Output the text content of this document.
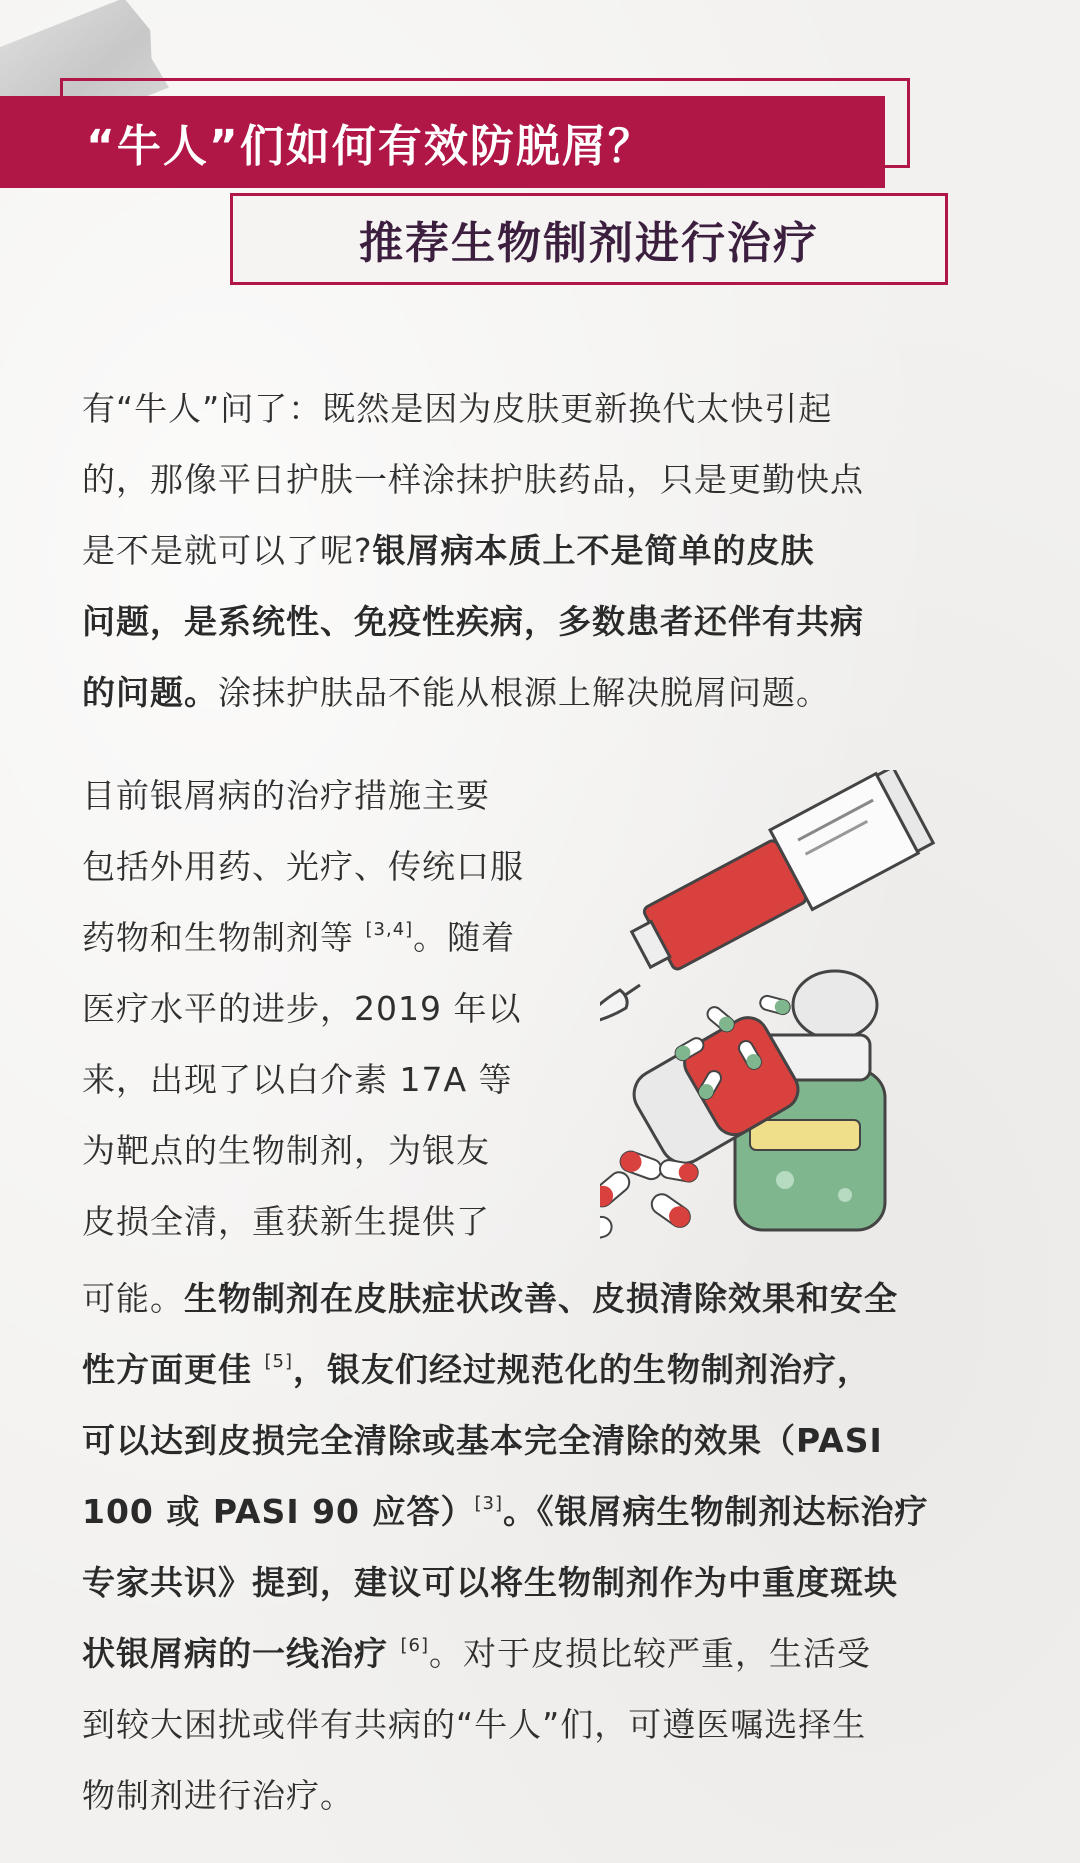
“牛人”们如何有效防脱屑？
推荐生物制剂进行治疗
有“牛人”问了：既然是因为皮肤更新换代太快引起
的，那像平日护肤一样涂抹护肤药品，只是更勤快点
是不是就可以了呢?银屑病本质上不是简单的皮肤
问题，是系统性、免疫性疾病，多数患者还伴有共病
的问题。涂抹护肤品不能从根源上解决脱屑问题。
目前银屑病的治疗措施主要
包括外用药、光疗、传统口服
药物和生物制剂等 [3,4]。随着
医疗水平的进步，2019 年以
来，出现了以白介素 17A 等
为靶点的生物制剂，为银友
皮损全清，重获新生提供了
可能。生物制剂在皮肤症状改善、皮损清除效果和安全
性方面更佳 [5]，银友们经过规范化的生物制剂治疗，
可以达到皮损完全清除或基本完全清除的效果（PASI
100 或 PASI 90 应答）[3]。《银屑病生物制剂达标治疗
专家共识》提到，建议可以将生物制剂作为中重度斑块
状银屑病的一线治疗 [6]。对于皮损比较严重，生活受
到较大困扰或伴有共病的“牛人”们，可遵医嘱选择生
物制剂进行治疗。
